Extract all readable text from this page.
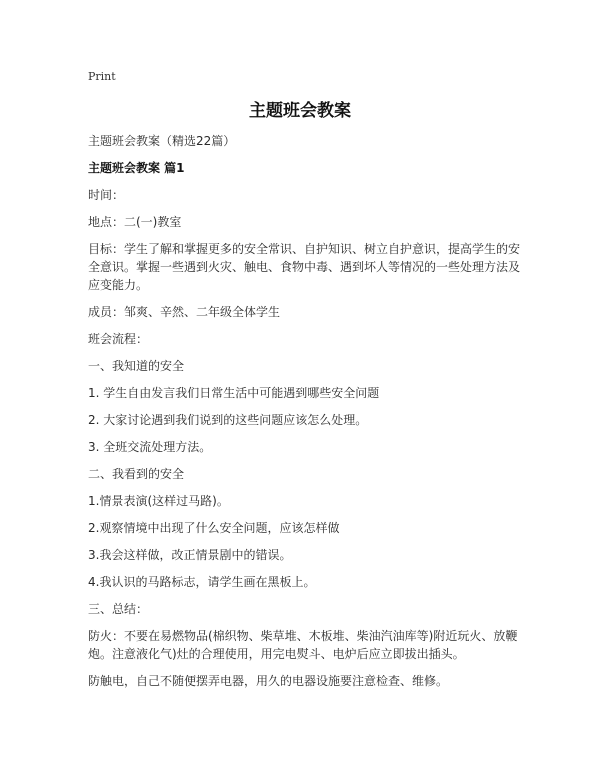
Print
主题班会教案

主题班会教案（精选22篇）

主题班会教案 篇1

时间：

地点：二(一)教室

目标：学生了解和掌握更多的安全常识、自护知识、树立自护意识，提高学生的安全意识。掌握一些遇到火灾、触电、食物中毒、遇到坏人等情况的一些处理方法及应变能力。

成员：邹爽、辛然、二年级全体学生

班会流程：

一、我知道的安全

1. 学生自由发言我们日常生活中可能遇到哪些安全问题

2. 大家讨论遇到我们说到的这些问题应该怎么处理。

3. 全班交流处理方法。

二、我看到的安全

1.情景表演(这样过马路)。

2.观察情境中出现了什么安全问题，应该怎样做

3.我会这样做，改正情景剧中的错误。

4.我认识的马路标志，请学生画在黑板上。

三、总结：

防火：不要在易燃物品(棉织物、柴草堆、木板堆、柴油汽油库等)附近玩火、放鞭炮。注意液化气)灶的合理使用，用完电熨斗、电炉后应立即拔出插头。

防触电，自己不随便摆弄电器，用久的电器设施要注意检查、维修。
